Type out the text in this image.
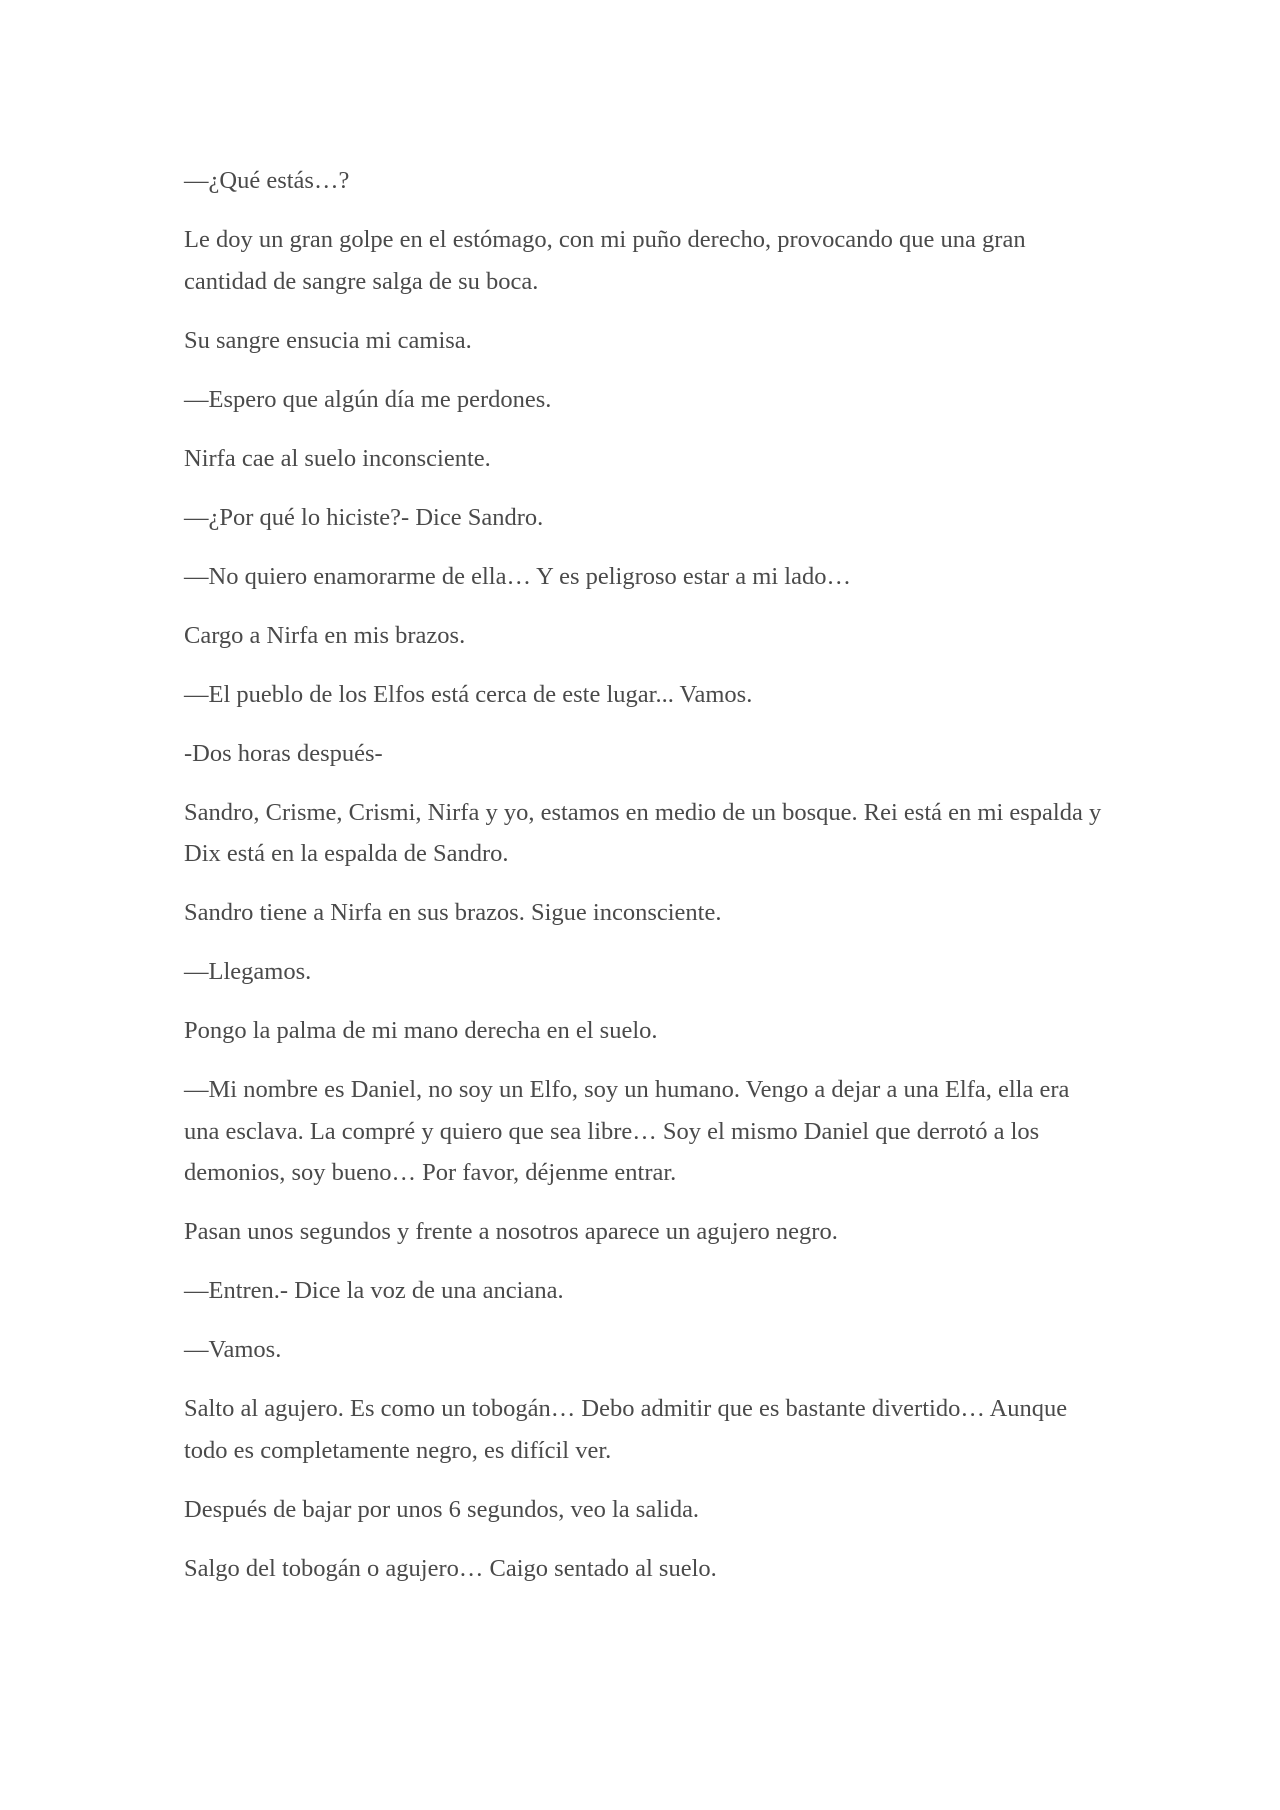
—¿Qué estás…?

Le doy un gran golpe en el estómago, con mi puño derecho, provocando que una gran cantidad de sangre salga de su boca.

Su sangre ensucia mi camisa.

—Espero que algún día me perdones.

Nirfa cae al suelo inconsciente.

—¿Por qué lo hiciste?- Dice Sandro.

—No quiero enamorarme de ella… Y es peligroso estar a mi lado…

Cargo a Nirfa en mis brazos.

—El pueblo de los Elfos está cerca de este lugar... Vamos.

-Dos horas después-

Sandro, Crisme, Crismi, Nirfa y yo, estamos en medio de un bosque. Rei está en mi espalda y Dix está en la espalda de Sandro.

Sandro tiene a Nirfa en sus brazos. Sigue inconsciente.

—Llegamos.

Pongo la palma de mi mano derecha en el suelo.

—Mi nombre es Daniel, no soy un Elfo, soy un humano. Vengo a dejar a una Elfa, ella era una esclava. La compré y quiero que sea libre… Soy el mismo Daniel que derrotó a los demonios, soy bueno… Por favor, déjenme entrar.

Pasan unos segundos y frente a nosotros aparece un agujero negro.

—Entren.- Dice la voz de una anciana.

—Vamos.

Salto al agujero. Es como un tobogán… Debo admitir que es bastante divertido… Aunque todo es completamente negro, es difícil ver.

Después de bajar por unos 6 segundos, veo la salida.

Salgo del tobogán o agujero… Caigo sentado al suelo.
